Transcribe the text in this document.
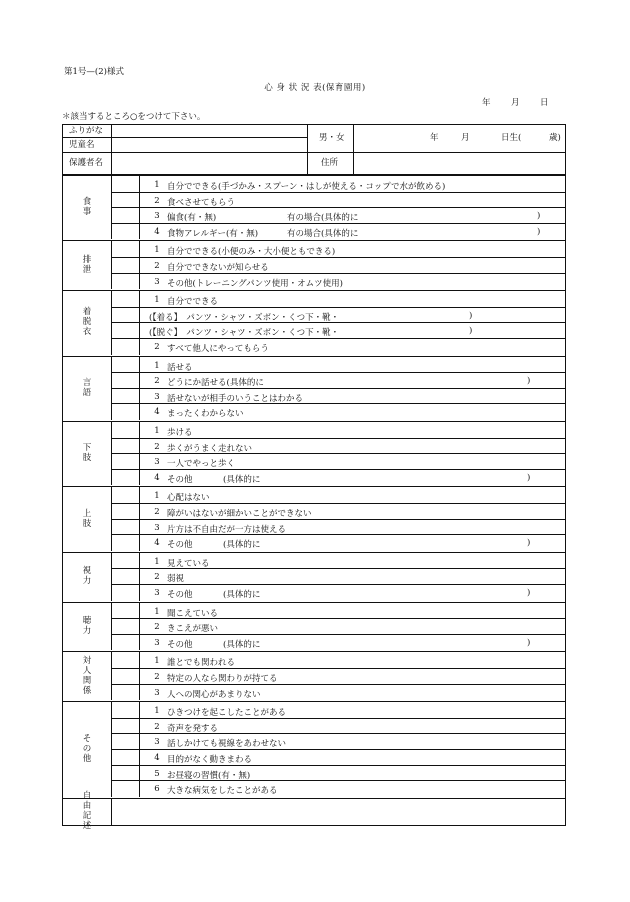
第1号—(2)様式
心 身 状 況 表(保育園用)
年 月 日
＊該当するところ○をつけて下さい。
ふりがな
児童名
男・女	年	月	日生(	歳)
保護者名	住所
食
事
1 自分でできる(手づかみ・スプーン・はしが使える・コップで水が飲める)
2 食べさせてもらう
3 偏食(有・無)	有の場合(具体的に	)
4 食物アレルギー(有・無)	有の場合(具体的に	)
排
泄
1 自分でできる(小便のみ・大小便ともできる)
2 自分でできないが知らせる
3 その他(トレーニングパンツ使用・オムツ使用)
着
脱
衣
1 自分でできる
(【着る】　パンツ・シャツ・ズボン・くつ下・靴・	)
(【脱ぐ】　パンツ・シャツ・ズボン・くつ下・靴・	)
2 すべて他人にやってもらう
言
語
1 話せる
2 どうにか話せる(具体的に	)
3 話せないが相手のいうことはわかる
4 まったくわからない
下
肢
1 歩ける
2 歩くがうまく走れない
3 一人でやっと歩く
4 その他	(具体的に	)
上
肢
1 心配はない
2 障がいはないが細かいことができない
3 片方は不自由だが一方は使える
4 その他	(具体的に	)
視
力
1 見えている
2 弱視
3 その他	(具体的に	)
聴
力
1 聞こえている
2 きこえが悪い
3 その他	(具体的に	)
対
人
関
係
1 誰とでも関われる
2 特定の人なら関わりが持てる
3 人への関心があまりない
そ
の
他
1 ひきつけを起こしたことがある
2 奇声を発する
3 話しかけても視線をあわせない
4 目的がなく動きまわる
5 お昼寝の習慣(有・無)
6 大きな病気をしたことがある
自
由
記
述
